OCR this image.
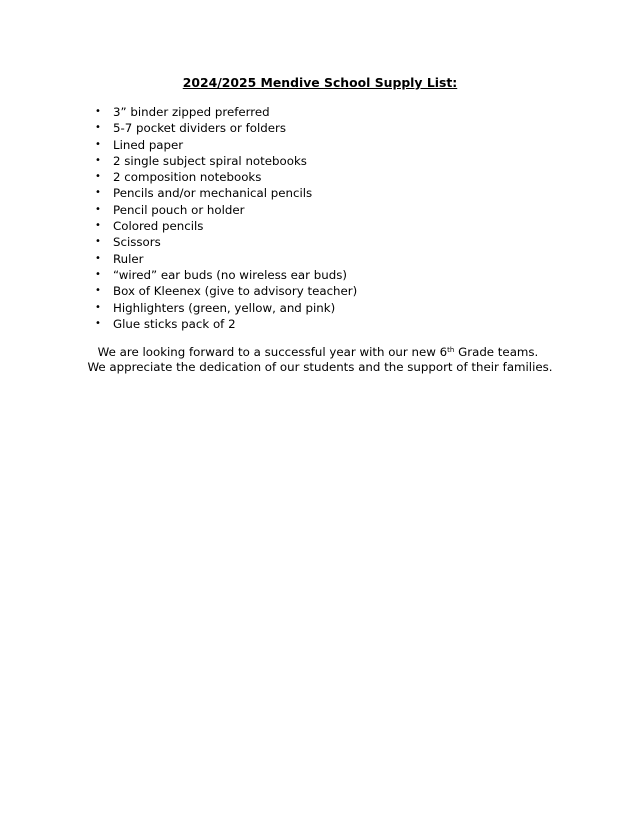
2024/2025 Mendive School Supply List:
• 3” binder zipped preferred
• 5-7 pocket dividers or folders
• Lined paper
• 2 single subject spiral notebooks
• 2 composition notebooks
• Pencils and/or mechanical pencils
• Pencil pouch or holder
• Colored pencils
• Scissors
• Ruler
• “wired” ear buds (no wireless ear buds)
• Box of Kleenex (give to advisory teacher)
• Highlighters (green, yellow, and pink)
• Glue sticks pack of 2
We are looking forward to a successful year with our new 6th Grade teams.
We appreciate the dedication of our students and the support of their families.
